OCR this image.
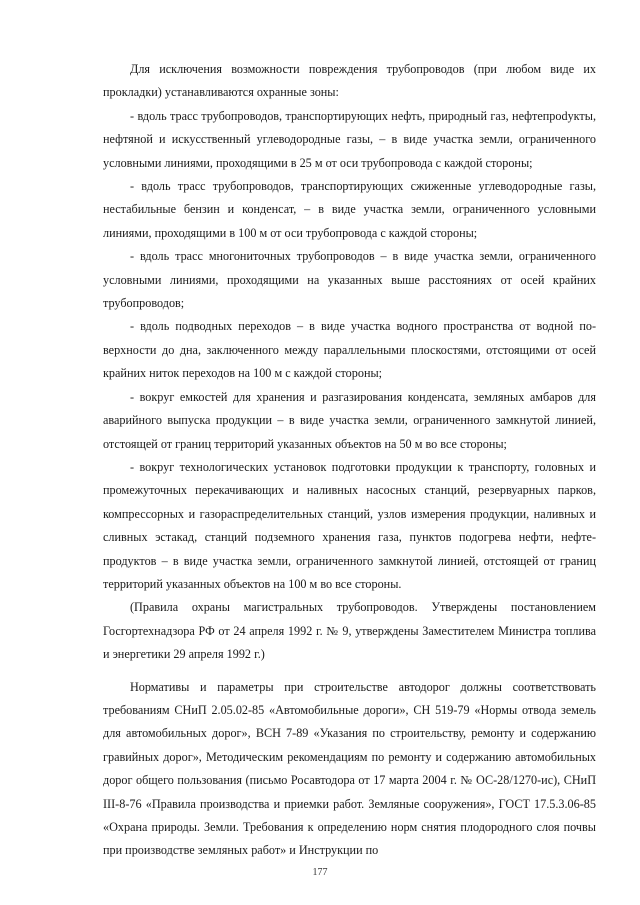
Для исключения возможности повреждения трубопроводов (при любом виде их прокладки) устанавливаются охранные зоны:

- вдоль трасс трубопроводов, транспортирующих нефть, природный газ, нефтепроdукты, нефтяной и искусственный углеводородные газы, – в виде участка земли, ограниченного условными линиями, проходящими в 25 м от оси трубопровода с каждой стороны;

- вдоль трасс трубопроводов, транспортирующих сжиженные углеводородные газы, нестабильные бензин и конденсат, – в виде участка земли, ограниченного условными линиями, проходящими в 100 м от оси трубопровода с каждой стороны;

- вдоль трасс многониточных трубопроводов – в виде участка земли, ограниченного условными линиями, проходящими на указанных выше расстояниях от осей крайних трубопроводов;

- вдоль подводных переходов – в виде участка водного пространства от водной поверхности до дна, заключенного между параллельными плоскостями, отстоящими от осей крайних ниток переходов на 100 м с каждой стороны;

- вокруг емкостей для хранения и разгазирования конденсата, земляных амбаров для аварийного выпуска продукции – в виде участка земли, ограниченного замкнутой линией, отстоящей от границ территорий указанных объектов на 50 м во все стороны;

- вокруг технологических установок подготовки продукции к транспорту, головных и промежуточных перекачивающих и наливных насосных станций, резервуарных парков, компрессорных и газораспределительных станций, узлов измерения продукции, наливных и сливных эстакад, станций подземного хранения газа, пунктов подогрева нефти, нефтепродуктов – в виде участка земли, ограниченного замкнутой линией, отстоящей от границ территорий указанных объектов на 100 м во все стороны.

(Правила охраны магистральных трубопроводов. Утверждены постановлением Госгортехнадзора РФ от 24 апреля 1992 г. № 9, утверждены Заместителем Министра топлива и энергетики 29 апреля 1992 г.)

Нормативы и параметры при строительстве автодорог должны соответствовать требованиям СНиП 2.05.02-85 «Автомобильные дороги», СН 519-79 «Нормы отвода земель для автомобильных дорог», ВСН 7-89 «Указания по строительству, ремонту и содержанию гравийных дорог», Методическим рекомендациям по ремонту и содержанию автомобильных дорог общего пользования (письмо Росавтодора от 17 марта 2004 г. № ОС-28/1270-ис), СНиП III-8-76 «Правила производства и приемки работ. Земляные сооружения», ГОСТ 17.5.3.06-85 «Охрана природы. Земли. Требования к определению норм снятия плодородного слоя почвы при производстве земляных работ» и Инструкции по

177
